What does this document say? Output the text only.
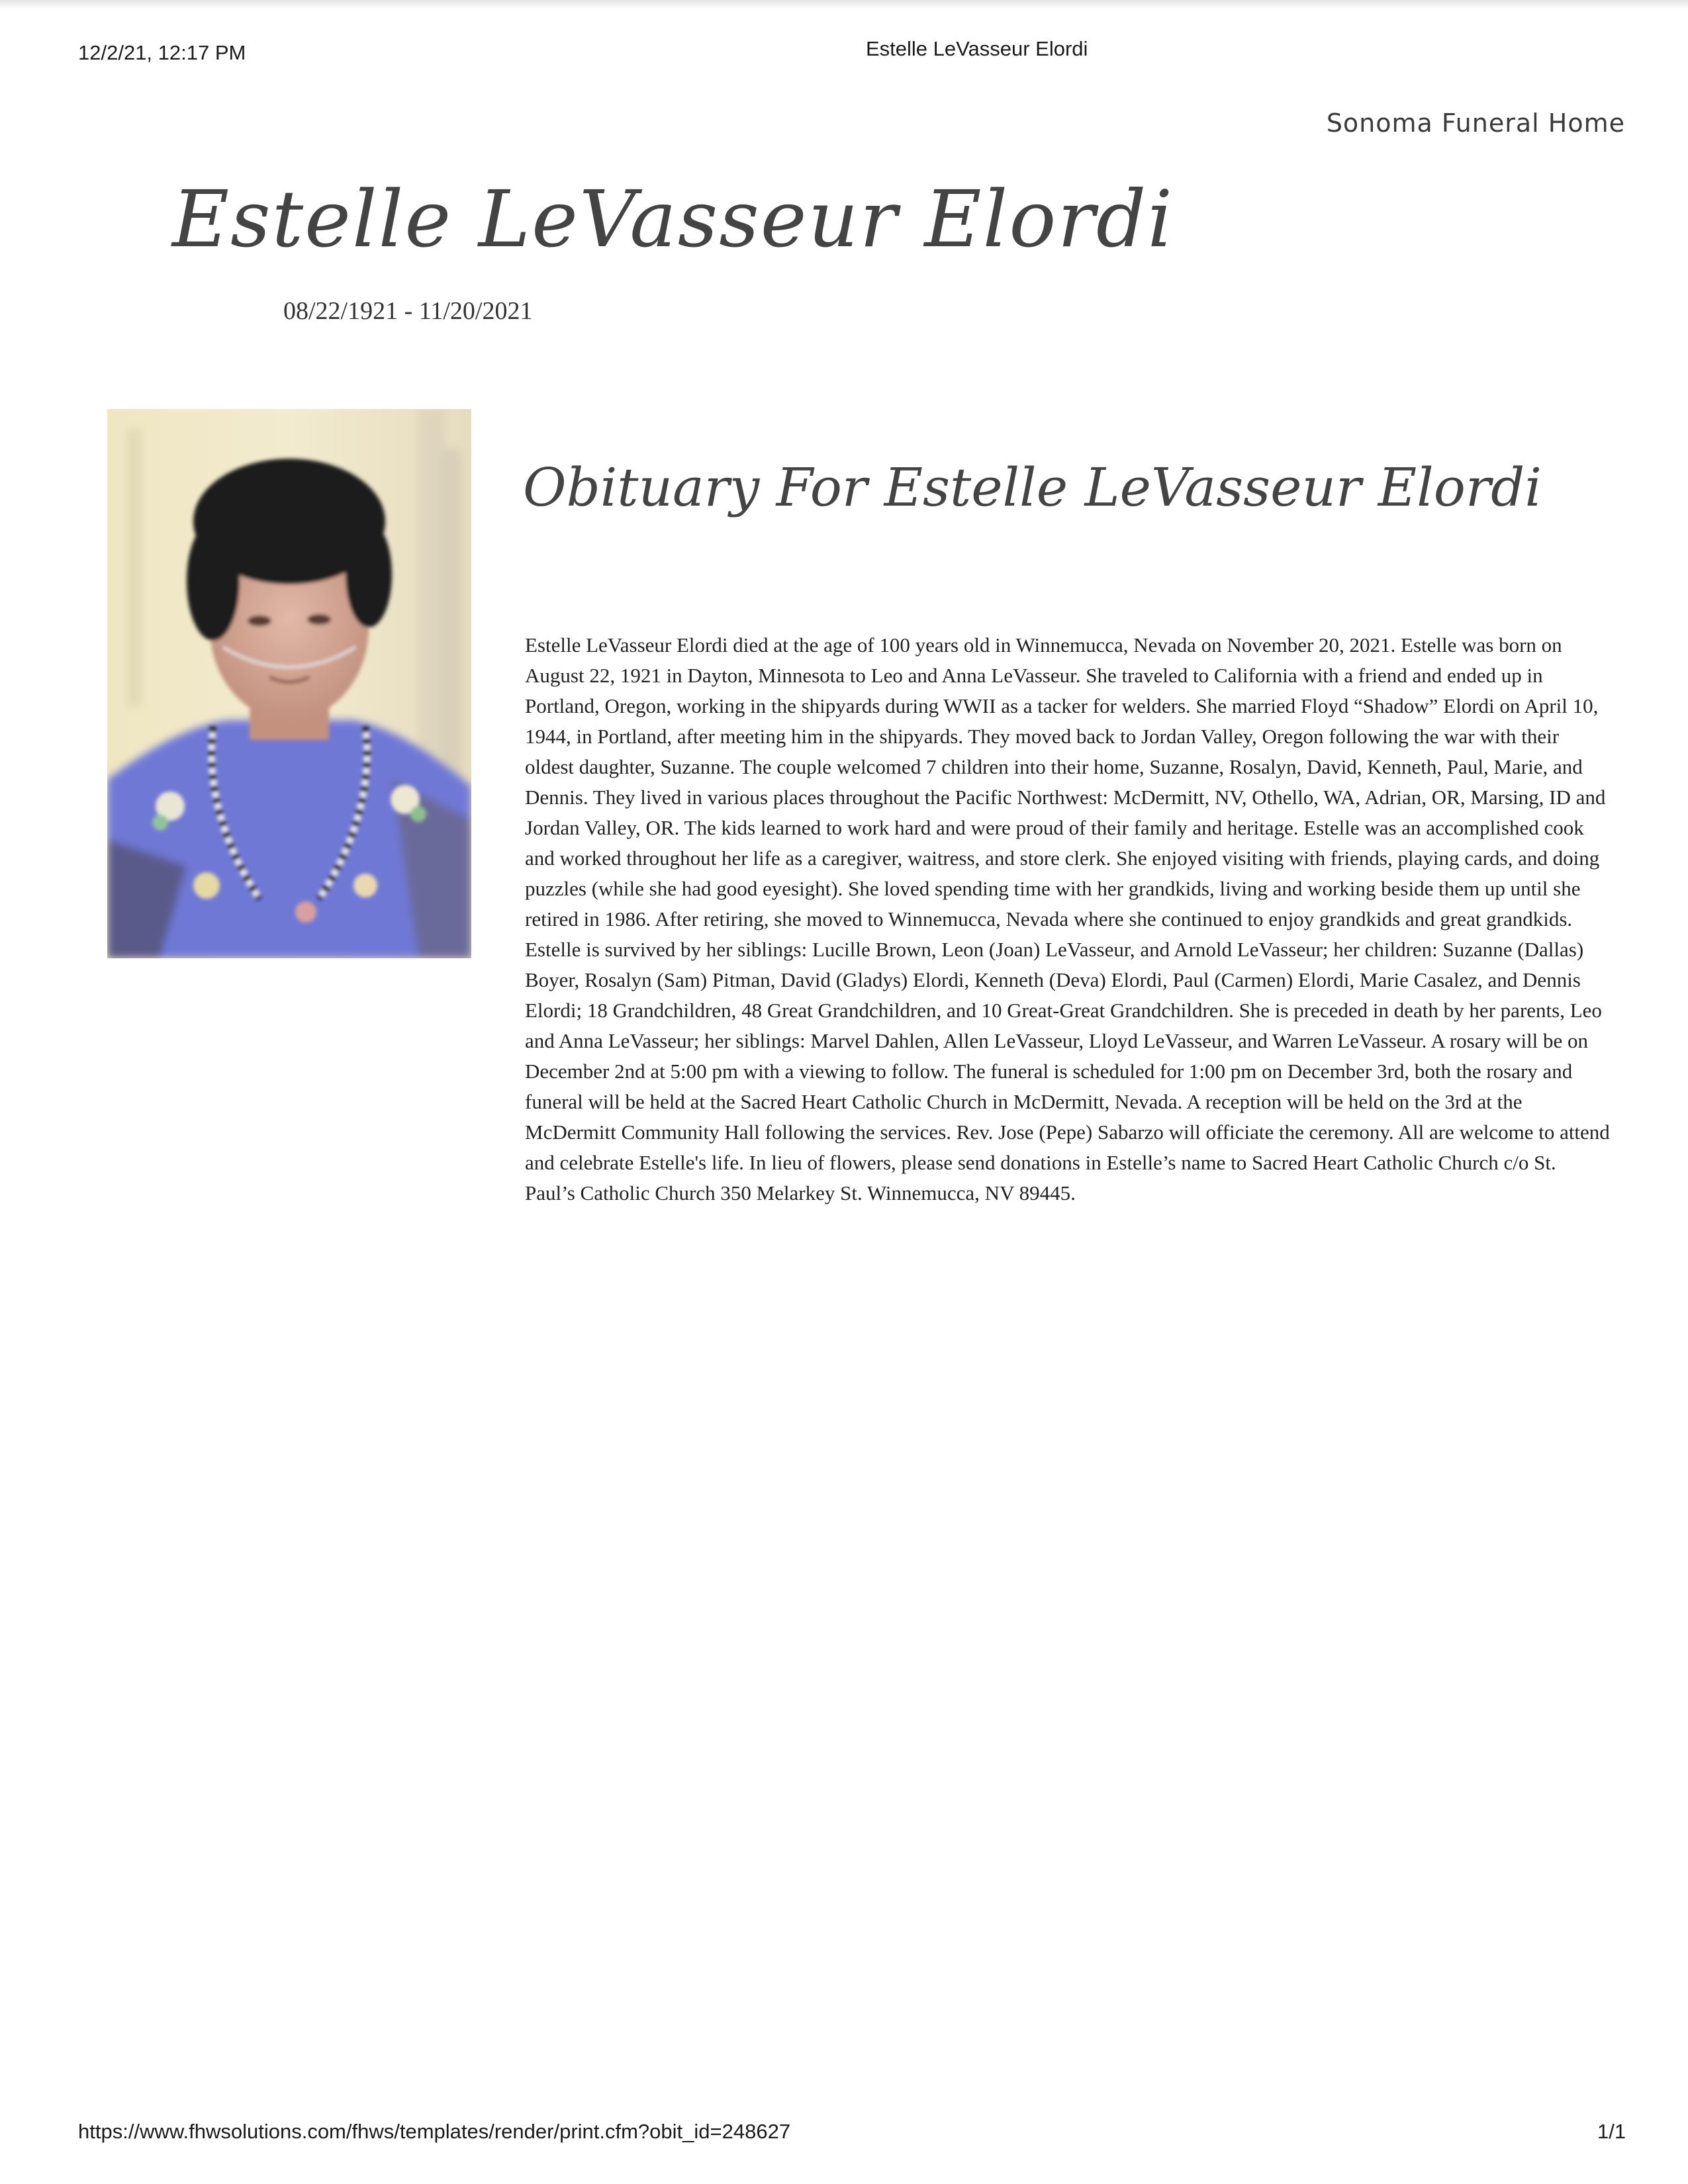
12/2/21, 12:17 PM	Estelle LeVasseur Elordi
Sonoma Funeral Home
Estelle LeVasseur Elordi
08/22/1921 - 11/20/2021
Obituary For Estelle LeVasseur Elordi

Estelle LeVasseur Elordi died at the age of 100 years old in Winnemucca, Nevada on November 20, 2021. Estelle was born on August 22, 1921 in Dayton, Minnesota to Leo and Anna LeVasseur. She traveled to California with a friend and ended up in Portland, Oregon, working in the shipyards during WWII as a tacker for welders. She married Floyd “Shadow” Elordi on April 10, 1944, in Portland, after meeting him in the shipyards. They moved back to Jordan Valley, Oregon following the war with their oldest daughter, Suzanne. The couple welcomed 7 children into their home, Suzanne, Rosalyn, David, Kenneth, Paul, Marie, and Dennis. They lived in various places throughout the Pacific Northwest: McDermitt, NV, Othello, WA, Adrian, OR, Marsing, ID and Jordan Valley, OR. The kids learned to work hard and were proud of their family and heritage. Estelle was an accomplished cook and worked throughout her life as a caregiver, waitress, and store clerk. She enjoyed visiting with friends, playing cards, and doing puzzles (while she had good eyesight). She loved spending time with her grandkids, living and working beside them up until she retired in 1986. After retiring, she moved to Winnemucca, Nevada where she continued to enjoy grandkids and great grandkids. Estelle is survived by her siblings: Lucille Brown, Leon (Joan) LeVasseur, and Arnold LeVasseur; her children: Suzanne (Dallas) Boyer, Rosalyn (Sam) Pitman, David (Gladys) Elordi, Kenneth (Deva) Elordi, Paul (Carmen) Elordi, Marie Casalez, and Dennis Elordi; 18 Grandchildren, 48 Great Grandchildren, and 10 Great-Great Grandchildren. She is preceded in death by her parents, Leo and Anna LeVasseur; her siblings: Marvel Dahlen, Allen LeVasseur, Lloyd LeVasseur, and Warren LeVasseur. A rosary will be on December 2nd at 5:00 pm with a viewing to follow. The funeral is scheduled for 1:00 pm on December 3rd, both the rosary and funeral will be held at the Sacred Heart Catholic Church in McDermitt, Nevada. A reception will be held on the 3rd at the McDermitt Community Hall following the services. Rev. Jose (Pepe) Sabarzo will officiate the ceremony. All are welcome to attend and celebrate Estelle's life. In lieu of flowers, please send donations in Estelle’s name to Sacred Heart Catholic Church c/o St. Paul’s Catholic Church 350 Melarkey St. Winnemucca, NV 89445.

https://www.fhwsolutions.com/fhws/templates/render/print.cfm?obit_id=248627	1/1
